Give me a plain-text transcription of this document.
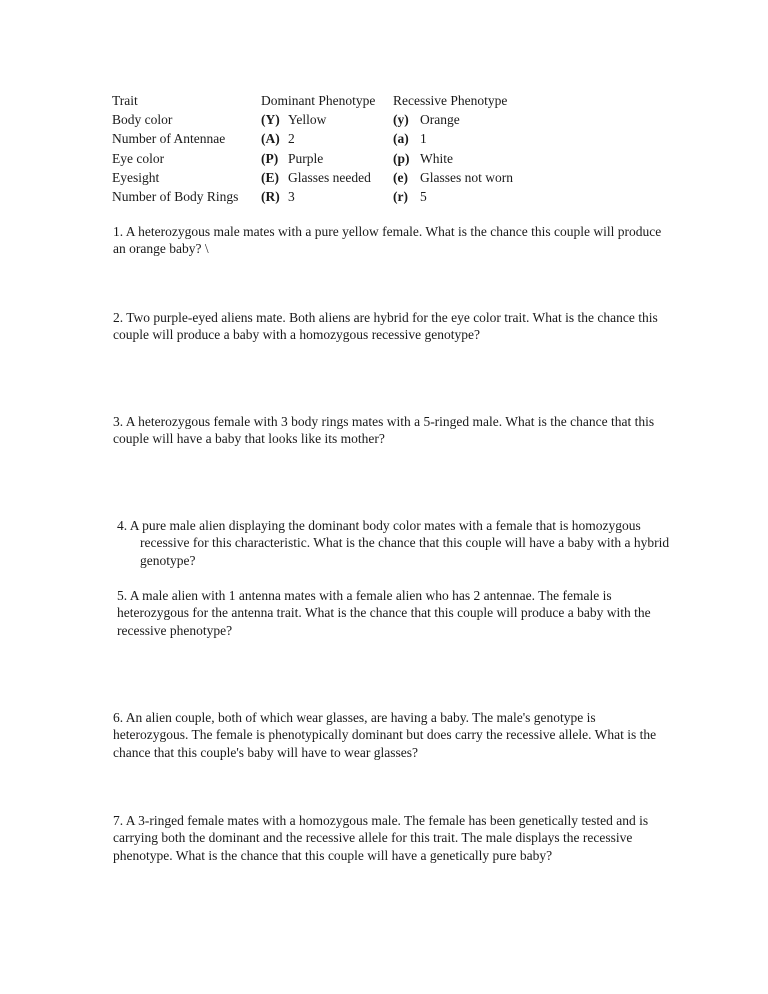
Trait	Dominant Phenotype	Recessive Phenotype
Body color	(Y) Yellow	(y) Orange
Number of Antennae	(A) 2	(a) 1
Eye color	(P) Purple	(p) White
Eyesight	(E) Glasses needed	(e) Glasses not worn
Number of Body Rings	(R) 3	(r) 5

1. A heterozygous male mates with a pure yellow female. What is the chance this couple will produce an orange baby? \

2. Two purple-eyed aliens mate. Both aliens are hybrid for the eye color trait. What is the chance this couple will produce a baby with a homozygous recessive genotype?

3. A heterozygous female with 3 body rings mates with a 5-ringed male. What is the chance that this couple will have a baby that looks like its mother?

4. A pure male alien displaying the dominant body color mates with a female that is homozygous recessive for this characteristic. What is the chance that this couple will have a baby with a hybrid genotype?

5. A male alien with 1 antenna mates with a female alien who has 2 antennae. The female is heterozygous for the antenna trait. What is the chance that this couple will produce a baby with the recessive phenotype?

6. An alien couple, both of which wear glasses, are having a baby. The male's genotype is heterozygous. The female is phenotypically dominant but does carry the recessive allele. What is the chance that this couple's baby will have to wear glasses?

7. A 3-ringed female mates with a homozygous male. The female has been genetically tested and is carrying both the dominant and the recessive allele for this trait. The male displays the recessive phenotype. What is the chance that this couple will have a genetically pure baby?
